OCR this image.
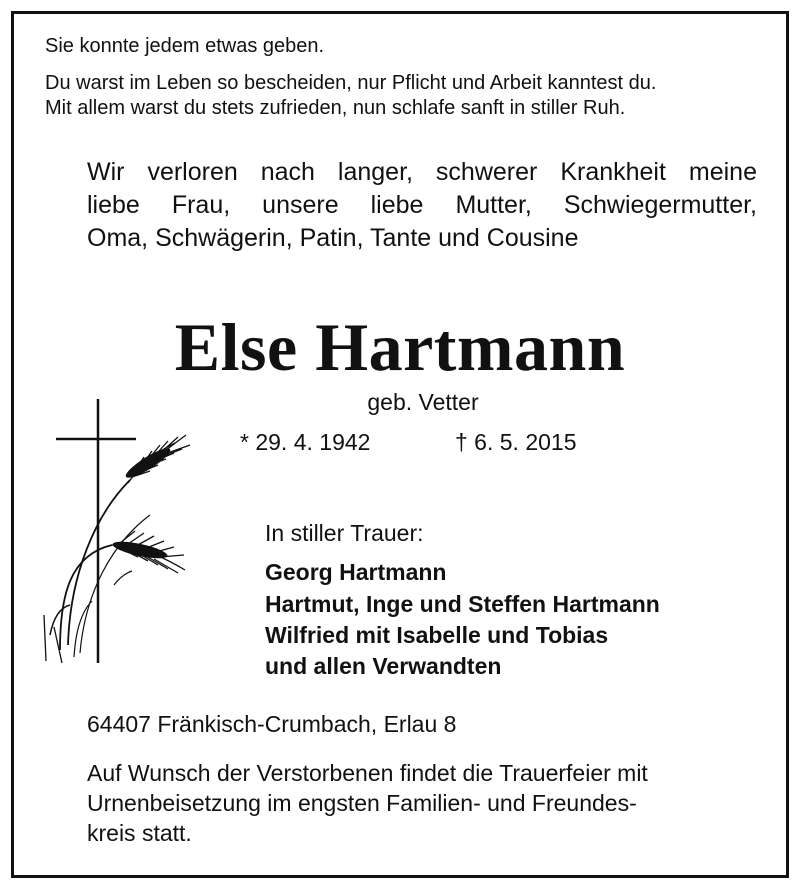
Sie konnte jedem etwas geben.

Du warst im Leben so bescheiden, nur Pflicht und Arbeit kanntest du.

Mit allem warst du stets zufrieden, nun schlafe sanft in stiller Ruh.

Wir verloren nach langer, schwerer Krankheit meine
liebe Frau, unsere liebe Mutter, Schwiegermutter,
Oma, Schwägerin, Patin, Tante und Cousine
Else Hartmann

geb. Vetter

* 29. 4. 1942	† 6. 5. 2015

In stiller Trauer:

Georg Hartmann

Hartmut, Inge und Steffen Hartmann

Wilfried mit Isabelle und Tobias

und allen Verwandten

64407 Fränkisch-Crumbach, Erlau 8

Auf Wunsch der Verstorbenen findet die Trauerfeier mit
Urnenbeisetzung im engsten Familien- und Freundes-
kreis statt.
